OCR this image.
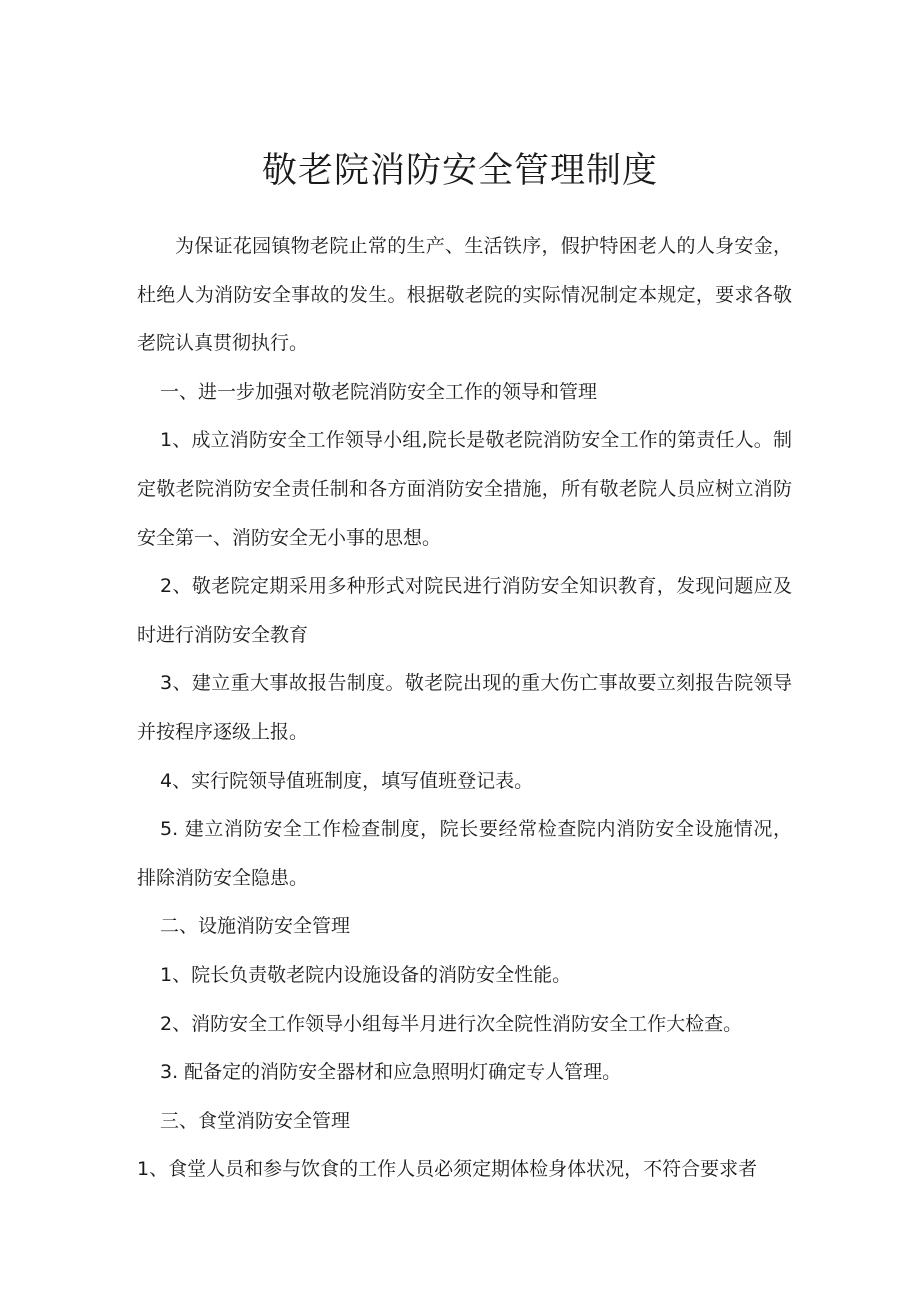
敬老院消防安全管理制度

为保证花园镇物老院止常的生产、生活铁序，假护特困老人的人身安金，杜绝人为消防安全事故的发生。根据敬老院的实际情况制定本规定，要求各敬老院认真贯彻执行。

一、进一步加强对敬老院消防安全工作的领导和管理

1、成立消防安全工作领导小组,院长是敬老院消防安全工作的第责任人。制定敬老院消防安全责任制和各方面消防安全措施，所有敬老院人员应树立消防安全第一、消防安全无小事的思想。

2、敬老院定期采用多种形式对院民进行消防安全知识教育，发现问题应及时进行消防安全教育

3、建立重大事故报告制度。敬老院出现的重大伤亡事故要立刻报告院领导并按程序逐级上报。

4、实行院领导值班制度，填写值班登记表。

5. 建立消防安全工作检查制度，院长要经常检查院内消防安全设施情况，排除消防安全隐患。

二、设施消防安全管理

1、院长负责敬老院内设施设备的消防安全性能。

2、消防安全工作领导小组每半月进行次全院性消防安全工作大检查。

3. 配备定的消防安全器材和应急照明灯确定专人管理。

三、食堂消防安全管理

1、食堂人员和参与饮食的工作人员必须定期体检身体状况，不符合要求者
